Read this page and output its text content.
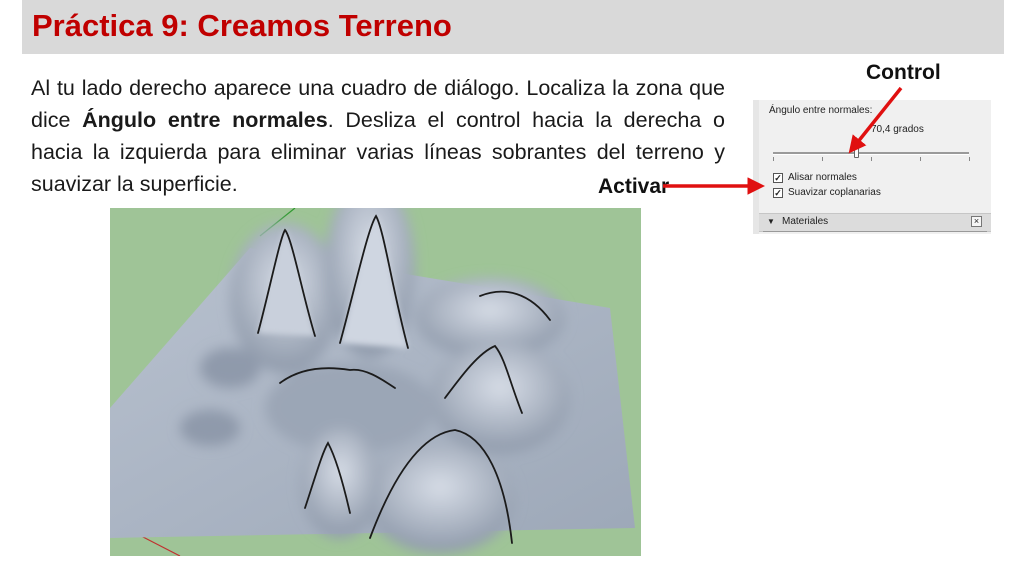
Práctica 9: Creamos Terreno

Al tu lado derecho aparece una cuadro de diálogo. Localiza la zona que dice Ángulo entre normales. Desliza el control hacia la derecha o hacia la izquierda para eliminar varias líneas sobrantes del terreno y suavizar la superficie.

Control
Activar
Ángulo entre normales:
70,4 grados
✓ Alisar normales
✓ Suavizar coplanarias
▼ Materiales	×
